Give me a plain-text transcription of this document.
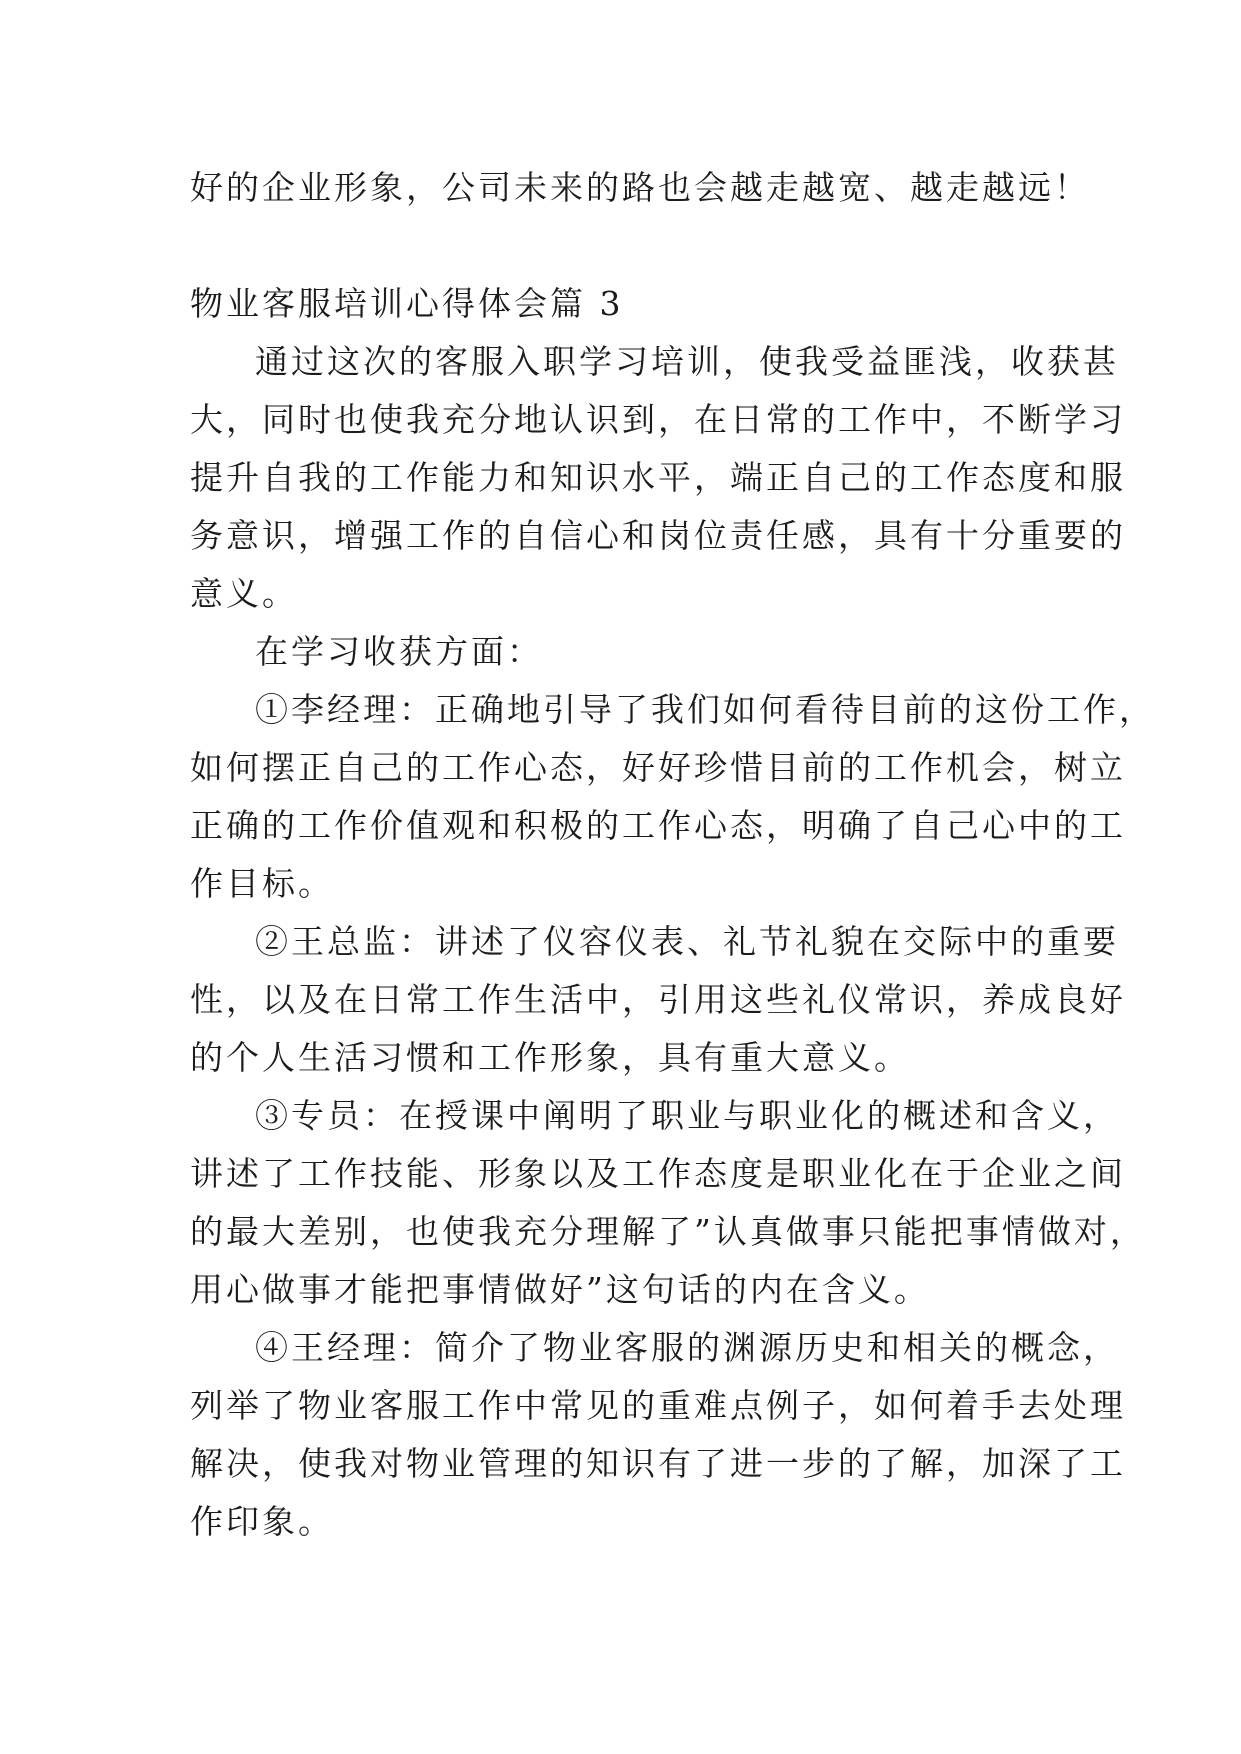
好的企业形象，公司未来的路也会越走越宽、越走越远！
物业客服培训心得体会篇 3
通过这次的客服入职学习培训，使我受益匪浅，收获甚
大，同时也使我充分地认识到，在日常的工作中，不断学习
提升自我的工作能力和知识水平，端正自己的工作态度和服
务意识，增强工作的自信心和岗位责任感，具有十分重要的
意义。
在学习收获方面：
①李经理：正确地引导了我们如何看待目前的这份工作，
如何摆正自己的工作心态，好好珍惜目前的工作机会，树立
正确的工作价值观和积极的工作心态，明确了自己心中的工
作目标。
②王总监：讲述了仪容仪表、礼节礼貌在交际中的重要
性，以及在日常工作生活中，引用这些礼仪常识，养成良好
的个人生活习惯和工作形象，具有重大意义。
③专员：在授课中阐明了职业与职业化的概述和含义，
讲述了工作技能、形象以及工作态度是职业化在于企业之间
的最大差别，也使我充分理解了”认真做事只能把事情做对，
用心做事才能把事情做好”这句话的内在含义。
④王经理：简介了物业客服的渊源历史和相关的概念，
列举了物业客服工作中常见的重难点例子，如何着手去处理
解决，使我对物业管理的知识有了进一步的了解，加深了工
作印象。
